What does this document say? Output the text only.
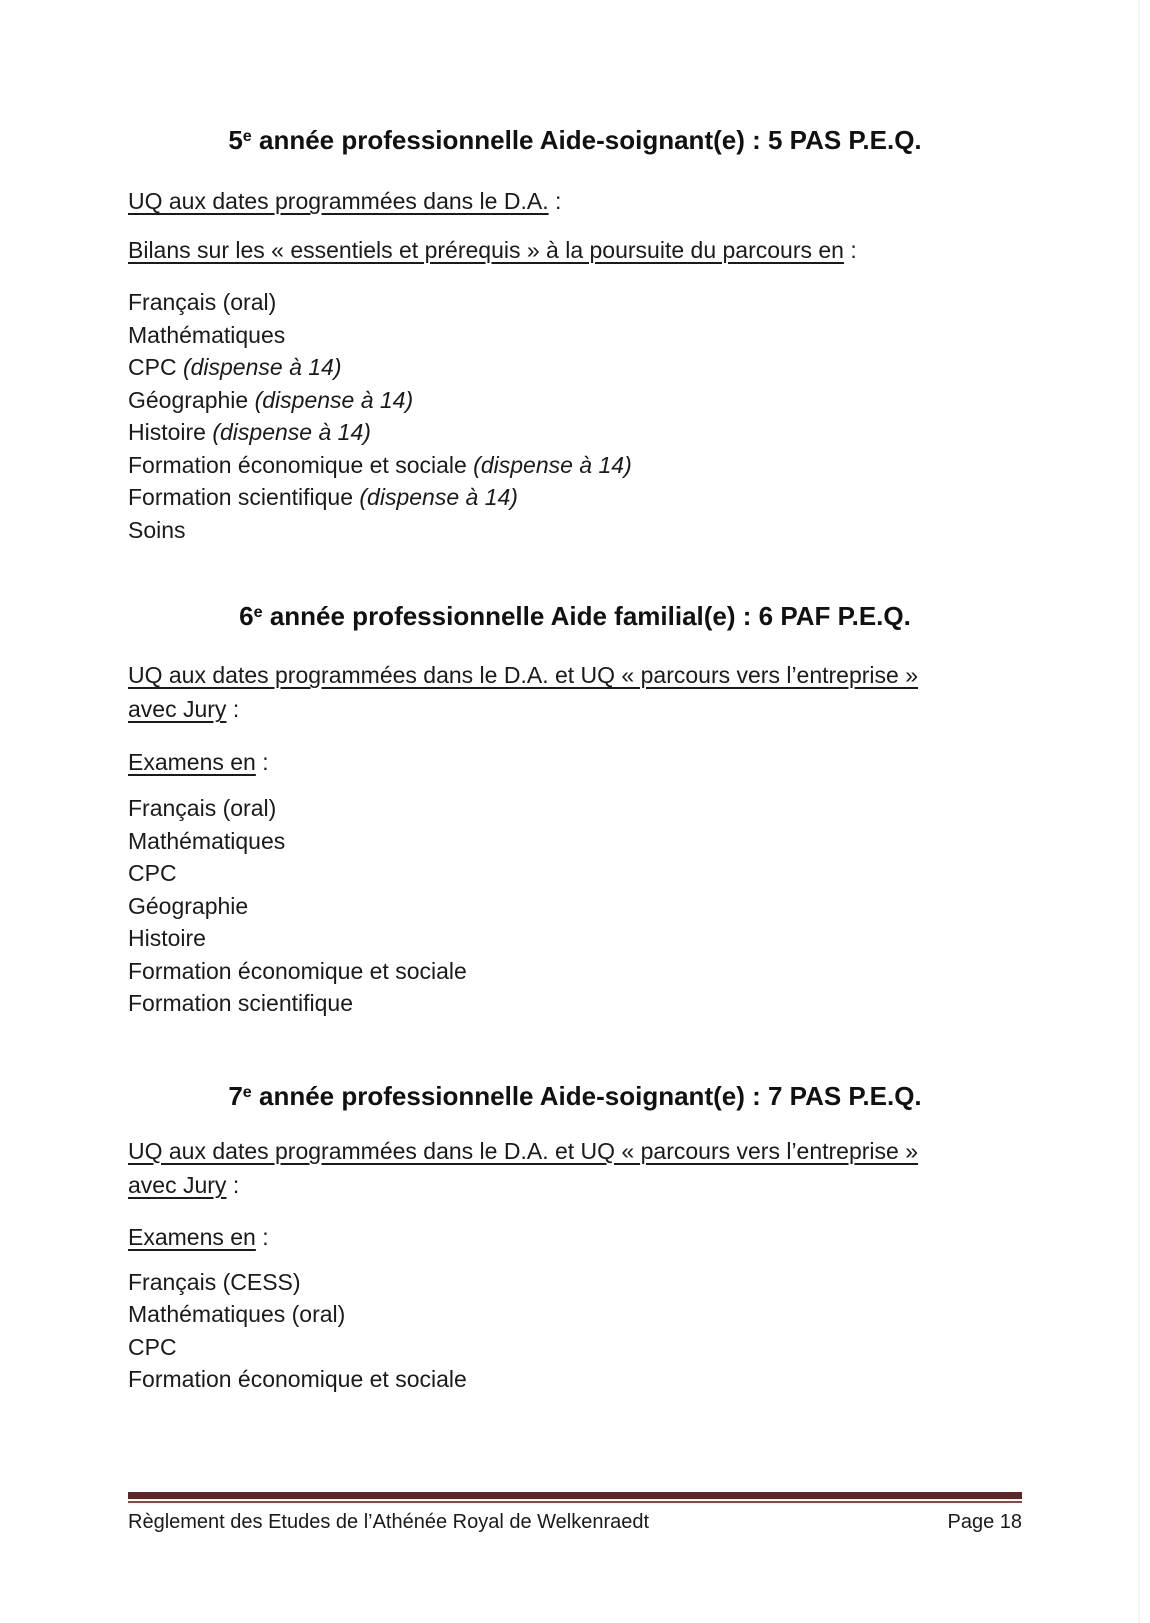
5e année professionnelle Aide-soignant(e) : 5 PAS P.E.Q.
UQ aux dates programmées dans le D.A. :
Bilans sur les « essentiels et prérequis » à la poursuite du parcours en :
Français (oral)
Mathématiques
CPC (dispense à 14)
Géographie (dispense à 14)
Histoire (dispense à 14)
Formation économique et sociale (dispense à 14)
Formation scientifique (dispense à 14)
Soins
6e année professionnelle Aide familial(e) : 6 PAF P.E.Q.
UQ aux dates programmées dans le D.A. et UQ « parcours vers l’entreprise »
avec Jury :
Examens en :
Français (oral)
Mathématiques
CPC
Géographie
Histoire
Formation économique et sociale
Formation scientifique
7e année professionnelle Aide-soignant(e) : 7 PAS P.E.Q.
UQ aux dates programmées dans le D.A. et UQ « parcours vers l’entreprise »
avec Jury :
Examens en :
Français (CESS)
Mathématiques (oral)
CPC
Formation économique et sociale
Règlement des Etudes de l’Athénée Royal de Welkenraedt	Page 18
